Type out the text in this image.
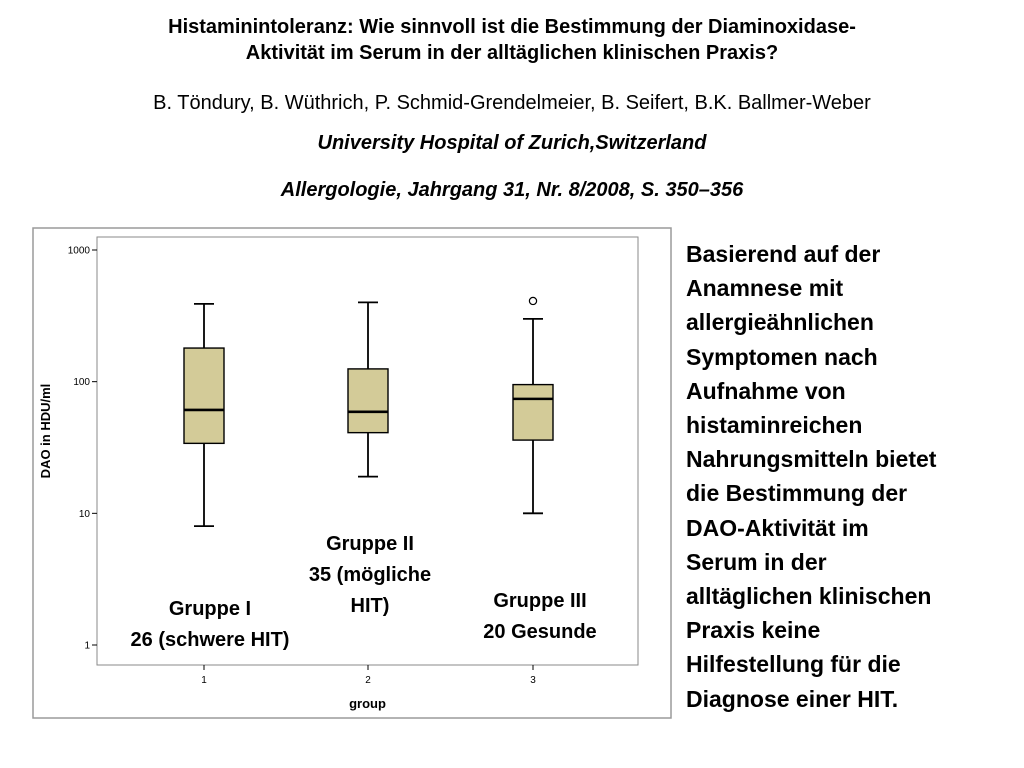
Histaminintoleranz: Wie sinnvoll ist die Bestimmung der Diaminoxidase-
Aktivität im Serum in der alltäglichen klinischen Praxis?
B. Töndury, B. Wüthrich, P. Schmid-Grendelmeier, B. Seifert, B.K. Ballmer-Weber
University Hospital of Zurich,Switzerland
Allergologie, Jahrgang 31, Nr. 8/2008, S. 350–356
1
10
100
1000
1	2	3
group
DAO in HDU/ml
Gruppe I
26 (schwere HIT)
Gruppe II
35 (mögliche
HIT)	Gruppe III
20 Gesunde
Basierend auf der
Anamnese mit
allergieähnlichen
Symptomen nach
Aufnahme von
histaminreichen
Nahrungsmitteln bietet
die Bestimmung der
DAO-Aktivität im
Serum in der
alltäglichen klinischen
Praxis keine
Hilfestellung für die
Diagnose einer HIT.
